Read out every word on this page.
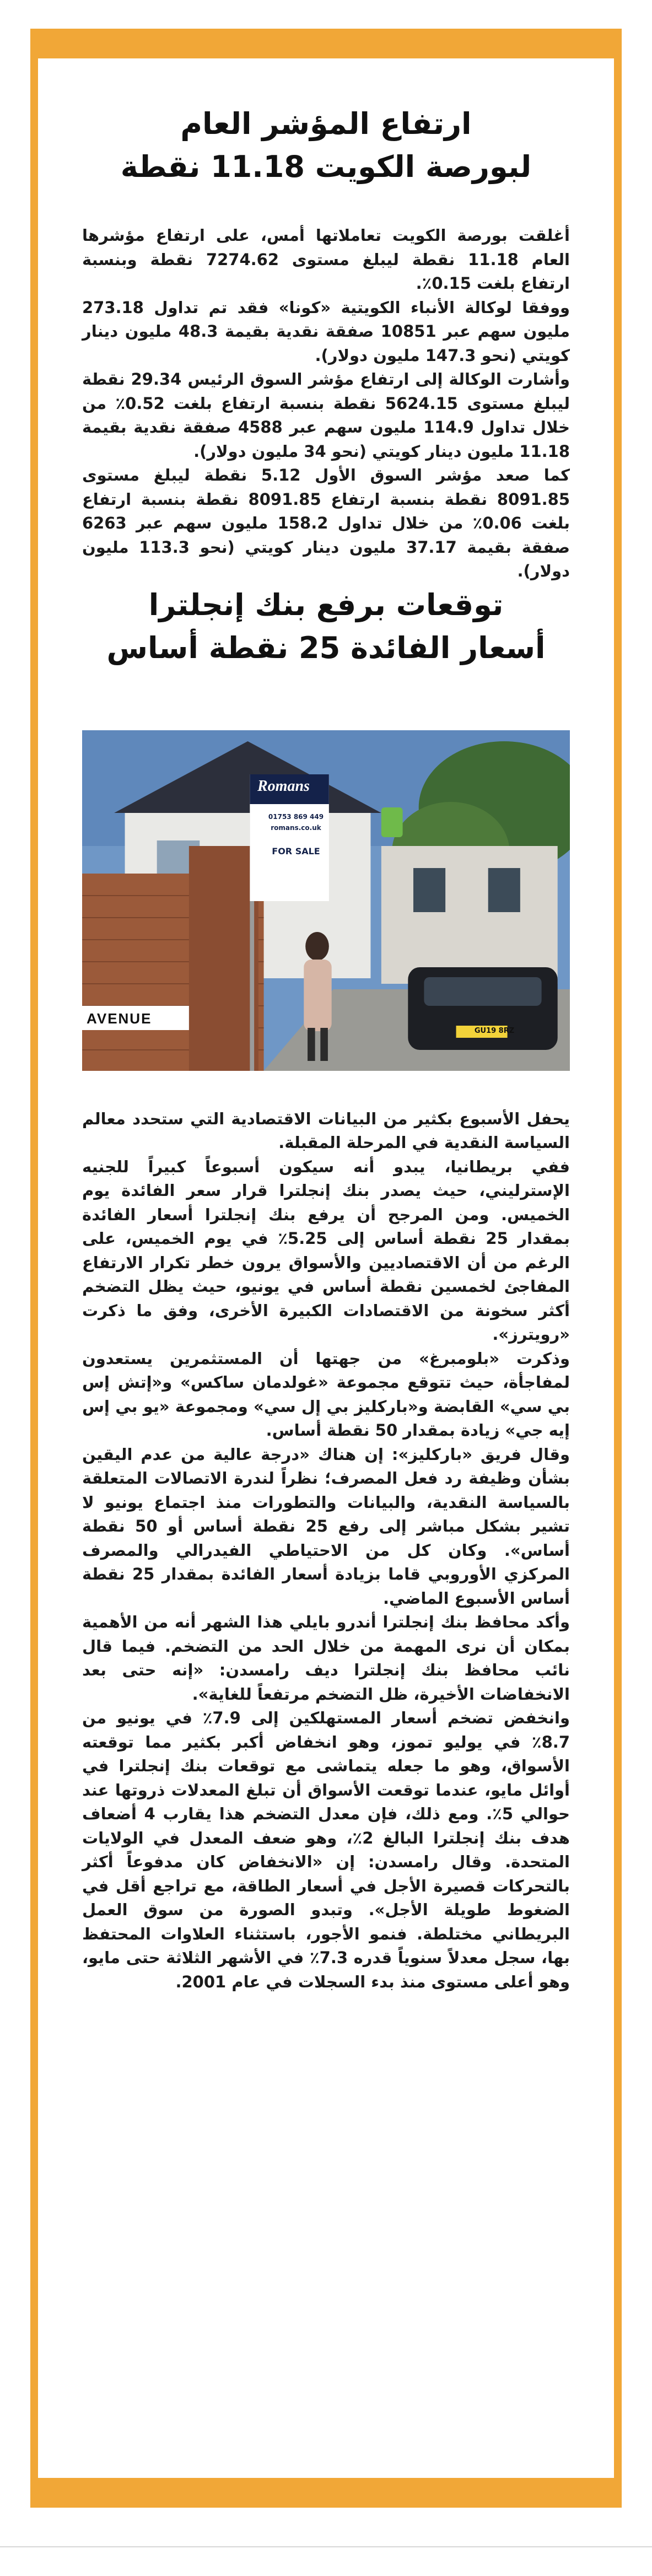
ارتفاع المؤشر العام
لبورصة الكويت 11.18 نقطة

أغلقت بورصة الكويت تعاملاتها أمس، على ارتفاع مؤشرها العام 11.18 نقطة ليبلغ مستوى 7274.62 نقطة وبنسبة ارتفاع بلغت 0.15٪.

ووفقا لوكالة الأنباء الكويتية «كونا» فقد تم تداول 273.18 مليون سهم عبر 10851 صفقة نقدية بقيمة 48.3 مليون دينار كويتي (نحو 147.3 مليون دولار).

وأشارت الوكالة إلى ارتفاع مؤشر السوق الرئيس 29.34 نقطة ليبلغ مستوى 5624.15 نقطة بنسبة ارتفاع بلغت 0.52٪ من خلال تداول 114.9 مليون سهم عبر 4588 صفقة نقدية بقيمة 11.18 مليون دينار كويتي (نحو 34 مليون دولار).

كما صعد مؤشر السوق الأول 5.12 نقطة ليبلغ مستوى 8091.85 نقطة بنسبة ارتفاع 8091.85 نقطة بنسبة ارتفاع بلغت 0.06٪ من خلال تداول 158.2 مليون سهم عبر 6263 صفقة بقيمة 37.17 مليون دينار كويتي (نحو 113.3 مليون دولار).

توقعات برفع بنك إنجلترا
أسعار الفائدة 25 نقطة أساس
Romans
01753 869 449
romans.co.uk
FOR SALE
AVENUE
GU19 8RZ

يحفل الأسبوع بكثير من البيانات الاقتصادية التي ستحدد معالم السياسة النقدية في المرحلة المقبلة.

ففي بريطانيا، يبدو أنه سيكون أسبوعاً كبيراً للجنيه الإسترليني، حيث يصدر بنك إنجلترا قرار سعر الفائدة يوم الخميس. ومن المرجح أن يرفع بنك إنجلترا أسعار الفائدة بمقدار 25 نقطة أساس إلى 5.25٪ في يوم الخميس، على الرغم من أن الاقتصاديين والأسواق يرون خطر تكرار الارتفاع المفاجئ لخمسين نقطة أساس في يونيو، حيث يظل التضخم أكثر سخونة من الاقتصادات الكبيرة الأخرى، وفق ما ذكرت «رويترز».

وذكرت «بلومبرغ» من جهتها أن المستثمرين يستعدون لمفاجأة، حيث تتوقع مجموعة «غولدمان ساكس» و«إتش إس بي سي» القابضة و«باركليز بي إل سي» ومجموعة «يو بي إس إيه جي» زيادة بمقدار 50 نقطة أساس.

وقال فريق «باركليز»: إن هناك «درجة عالية من عدم اليقين بشأن وظيفة رد فعل المصرف؛ نظراً لندرة الاتصالات المتعلقة بالسياسة النقدية، والبيانات والتطورات منذ اجتماع يونيو لا تشير بشكل مباشر إلى رفع 25 نقطة أساس أو 50 نقطة أساس». وكان كل من الاحتياطي الفيدرالي والمصرف المركزي الأوروبي قاما بزيادة أسعار الفائدة بمقدار 25 نقطة أساس الأسبوع الماضي.

وأكد محافظ بنك إنجلترا أندرو بايلي هذا الشهر أنه من الأهمية بمكان أن نرى المهمة من خلال الحد من التضخم. فيما قال نائب محافظ بنك إنجلترا ديف رامسدن: «إنه حتى بعد الانخفاضات الأخيرة، ظل التضخم مرتفعاً للغاية».

وانخفض تضخم أسعار المستهلكين إلى 7.9٪ في يونيو من 8.7٪ في يوليو تموز، وهو انخفاض أكبر بكثير مما توقعته الأسواق، وهو ما جعله يتماشى مع توقعات بنك إنجلترا في أوائل مايو، عندما توقعت الأسواق أن تبلغ المعدلات ذروتها عند حوالي 5٪. ومع ذلك، فإن معدل التضخم هذا يقارب 4 أضعاف هدف بنك إنجلترا البالغ 2٪، وهو ضعف المعدل في الولايات المتحدة. وقال رامسدن: إن «الانخفاض كان مدفوعاً أكثر بالتحركات قصيرة الأجل في أسعار الطاقة، مع تراجع أقل في الضغوط طويلة الأجل». وتبدو الصورة من سوق العمل البريطاني مختلطة. فنمو الأجور، باستثناء العلاوات المحتفظ بها، سجل معدلاً سنوياً قدره 7.3٪ في الأشهر الثلاثة حتى مايو، وهو أعلى مستوى منذ بدء السجلات في عام 2001.
